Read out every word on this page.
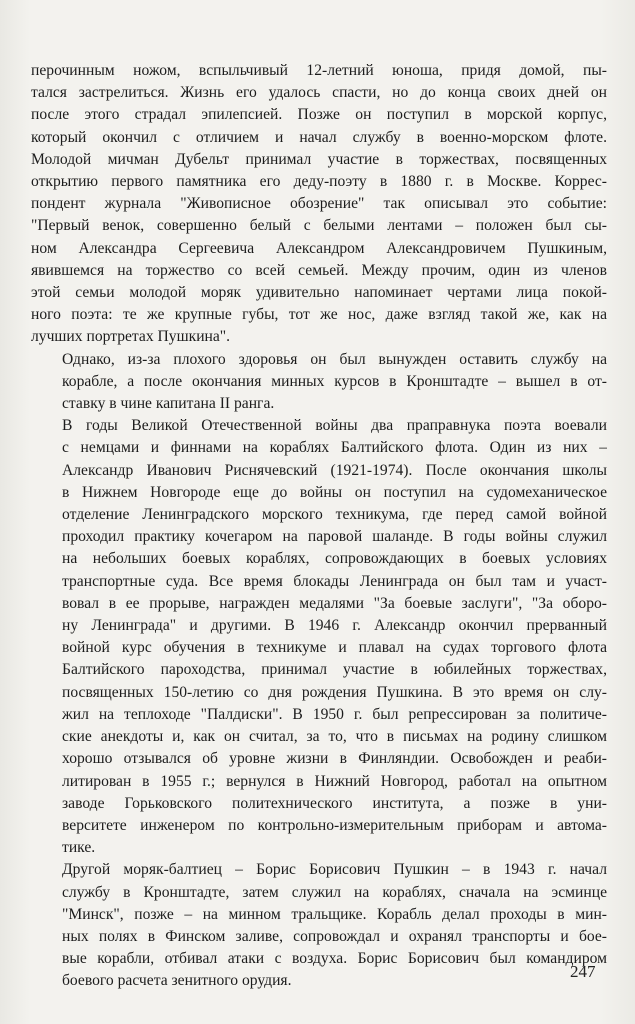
перочинным ножом, вспыльчивый 12-летний юноша, придя домой, пы-
тался застрелиться. Жизнь его удалось спасти, но до конца своих дней он
после этого страдал эпилепсией. Позже он поступил в морской корпус,
который окончил с отличием и начал службу в военно-морском флоте.
Молодой мичман Дубельт принимал участие в торжествах, посвященных
открытию первого памятника его деду-поэту в 1880 г. в Москве. Коррес-
пондент журнала "Живописное обозрение" так описывал это событие:
"Первый венок, совершенно белый с белыми лентами – положен был сы-
ном Александра Сергеевича Александром Александровичем Пушкиным,
явившемся на торжество со всей семьей. Между прочим, один из членов
этой семьи молодой моряк удивительно напоминает чертами лица покой-
ного поэта: те же крупные губы, тот же нос, даже взгляд такой же, как на
лучших портретах Пушкина".
Однако, из-за плохого здоровья он был вынужден оставить службу на
корабле, а после окончания минных курсов в Кронштадте – вышел в от-
ставку в чине капитана II ранга.
В годы Великой Отечественной войны два праправнука поэта воевали
с немцами и финнами на кораблях Балтийского флота. Один из них –
Александр Иванович Риснячевский (1921-1974). После окончания школы
в Нижнем Новгороде еще до войны он поступил на судомеханическое
отделение Ленинградского морского техникума, где перед самой войной
проходил практику кочегаром на паровой шаланде. В годы войны служил
на небольших боевых кораблях, сопровождающих в боевых условиях
транспортные суда. Все время блокады Ленинграда он был там и участ-
вовал в ее прорыве, награжден медалями "За боевые заслуги", "За оборо-
ну Ленинграда" и другими. В 1946 г. Александр окончил прерванный
войной курс обучения в техникуме и плавал на судах торгового флота
Балтийского пароходства, принимал участие в юбилейных торжествах,
посвященных 150-летию со дня рождения Пушкина. В это время он слу-
жил на теплоходе "Палдиски". В 1950 г. был репрессирован за политиче-
ские анекдоты и, как он считал, за то, что в письмах на родину слишком
хорошо отзывался об уровне жизни в Финляндии. Освобожден и реаби-
литирован в 1955 г.; вернулся в Нижний Новгород, работал на опытном
заводе Горьковского политехнического института, а позже в уни-
верситете инженером по контрольно-измерительным приборам и автома-
тике.
Другой моряк-балтиец – Борис Борисович Пушкин – в 1943 г. начал
службу в Кронштадте, затем служил на кораблях, сначала на эсминце
"Минск", позже – на минном тральщике. Корабль делал проходы в мин-
ных полях в Финском заливе, сопровождал и охранял транспорты и бое-
вые корабли, отбивал атаки с воздуха. Борис Борисович был командиром
боевого расчета зенитного орудия.	247
